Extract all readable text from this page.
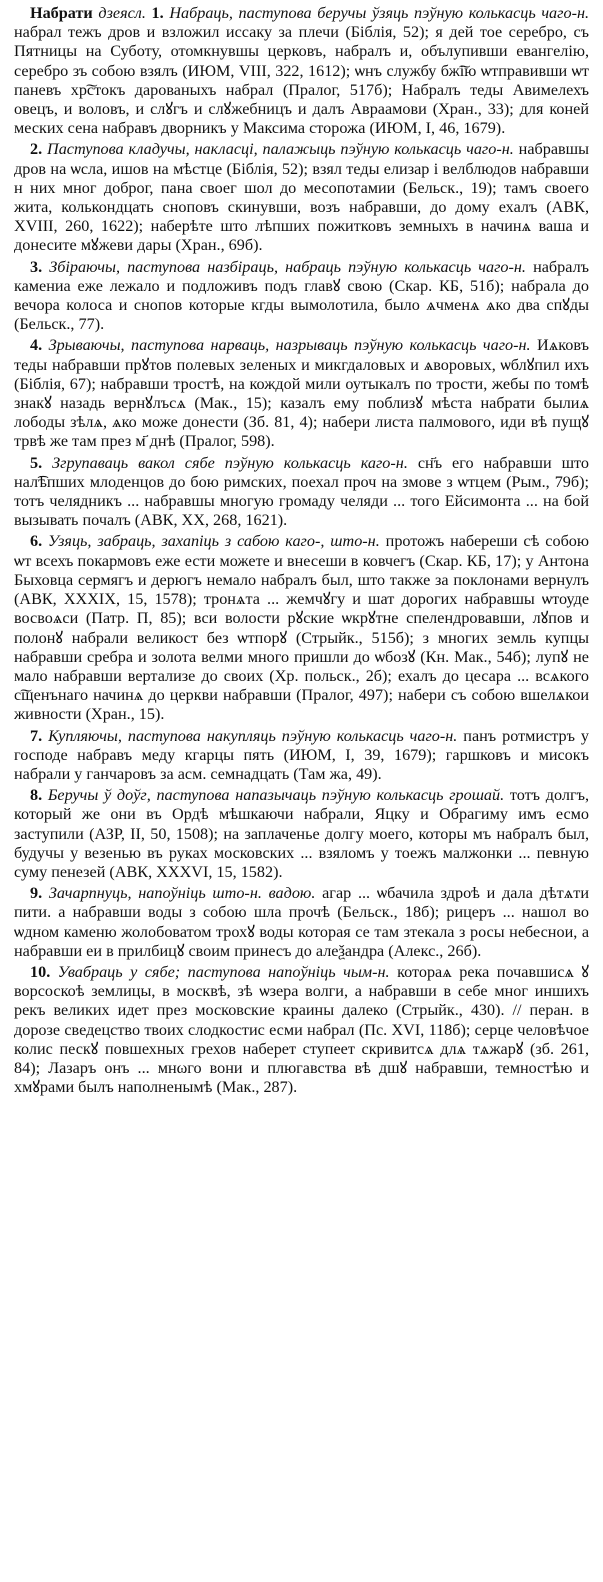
Набрати дзеясл. 1. Набраць, паступова беручы ўзяць пэўную колькасць чаго-н. набрал тежъ дров и взложил иссаку за плечи (Біблія, 52); я дей тое серебро, съ Пятницы на Суботу, отомкнувшы церковъ, набралъ и, обълупивши евангелію, серебро зъ собою взялъ (ИЮМ, VIII, 322, 1612); ѡнъ службу бж͠ію ѡтправивши ѡт паневъ хр͠стокъ дарованыхъ набрал (Пралог, 517б); Набралъ теды Авимелехъ овецъ, и воловъ, и слꙋгъ и слꙋжебницъ и далъ Авраамови (Хран., 33); для коней меских сена набравъ дворникъ у Максима сторожа (ИЮМ, I, 46, 1679).

2. Паступова кладучы, накласці, палажыць пэўную колькасць чаго-н. набравшы дров на ѡсла, ишов на мѣстце (Біблія, 52); взял теды елизар і велблюдов набравши н них мног доброг, пана своег шол до месопотамии (Бельск., 19); тамъ своего жита, колькондцать сноповъ скинувши, возъ набравши, до дому ехалъ (АВК, XVIII, 260, 1622); наберѣте што лѣпших пожитковъ земныхъ в начинѧ ваша и донесите мꙋжеви дары (Хран., 69б).

3. Збіраючы, паступова назбіраць, набраць пэўную колькасць чаго-н. набралъ камениа еже лежало и подложивъ подъ главꙋ свою (Скар. КБ, 51б); набрала до вечора колоса и снопов которые кгды вымолотила, было ѧчменѧ ѧко два спꙋды (Бельск., 77).

4. Зрываючы, паступова нарваць, назрываць пэўную колькасць чаго-н. Иѧковъ теды набравши прꙋтов полевых зеленых и микгдаловых и ѧворовых, ѡблꙋпил ихъ (Біблія, 67); набравши тростѣ, на кождой мили оутыкалъ по трости, жебы по томѣ знакꙋ назадь вернꙋлъсѧ (Мак., 15); казалъ ему поблизꙋ мѣста набрати былиѧ лободы зѣлѧ, ѧко може донести (Зб. 81, 4); набери листа палмового, иди вѣ пущꙋ трвѣ же там през м҃ днѣ (Пралог, 598).

5. Згрупаваць вакол сябе пэўную колькасць каго-н. сн҃ъ его набравши што нал͡ѣпших млоденцов до бою римских, поехал проч на змове з ѡтцем (Рым., 79б); тотъ челядникъ ... набравшы многую громаду челяди ... того Ейсимонта ... на бой вызывать почалъ (АВК, XX, 268, 1621).

6. Узяць, забраць, захапіць з сабою каго-, што-н. протожъ набереши сѣ собою ѡт всехъ покармовъ еже ести можете и внесеши в ковчегъ (Скар. КБ, 17); у Антона Быховца сермягъ и дерюгъ немало набралъ был, што также за поклонами вернулъ (АВК, XXXIX, 15, 1578); тронѧта ... жемчꙋгу и шат дорогих набравшы ѡтоуде восвоѧси (Патр. П, 85); вси волости рꙋские ѡкрꙋтне спелендровавши, лꙋпов и полонꙋ набрали великост без ѡтпорꙋ (Стрыйк., 515б); з многих земль купцы набравши сребра и золота велми много пришли до ѡбозꙋ (Кн. Мак., 54б); лупꙋ не мало набравши вертализе до своих (Хр. польск., 2б); ехалъ до цесара ... всѧкого с͠щенънаго начинѧ до церкви набравши (Пралог, 497); набери съ собою вшелѧкои живности (Хран., 15).

7. Купляючы, паступова накупляць пэўную колькасць чаго-н. панъ ротмистръ у господе набравъ меду кгарцы пять (ИЮМ, I, 39, 1679); гаршковъ и мисокъ набрали у ганчаровъ за асм. семнадцать (Там жа, 49).

8. Беручы ў доўг, паступова напазычаць пэўную колькасць грошай. тотъ долгъ, который же они въ Ордѣ мѣшкаючи набрали, Яцку и Обрагиму имъ есмо заступили (АЗР, II, 50, 1508); на заплаченье долгу моего, которы мъ набралъ был, будучы у везенью въ руках московских ... взяломъ у тоежъ малжонки ... певную суму пенезей (АВК, XXXVI, 15, 1582).

9. Зачарпнуць, напоўніць што-н. вадою. агар ... ѡбачила здроѣ и дала дѣтѧти пити. а набравши воды з собою шла прочѣ (Бельск., 18б); рицеръ ... нашол во ѡдном каменю жолобоватом трохꙋ воды которая се там зтекала з росы небеснои, а набравши еи в прилбицꙋ своим принесъ до алеѯандра (Алекс., 26б).

10. Увабраць у сябе; паступова напоўніць чым-н. котораѧ река почавшисѧ ꙋ ворсоскоѣ землицы, в москвѣ, зѣ ѡзера волги, а набравши в себе мног иншихъ рекъ великих идет през московские краины далеко (Стрыйк., 430). // перан. в дорозе сведецство твоих слодкостис есми набрал (Пс. XVI, 118б); серце человѣчое колис пескꙋ повшехных грехов наберет ступеет скривитсѧ длѧ тѧжарꙋ (зб. 261, 84); Лазаръ онъ ... мнωго вони и плюгавства вѣ дшꙋ набравши, темностѣю и хмꙋрами былъ наполненымѣ (Мак., 287).
